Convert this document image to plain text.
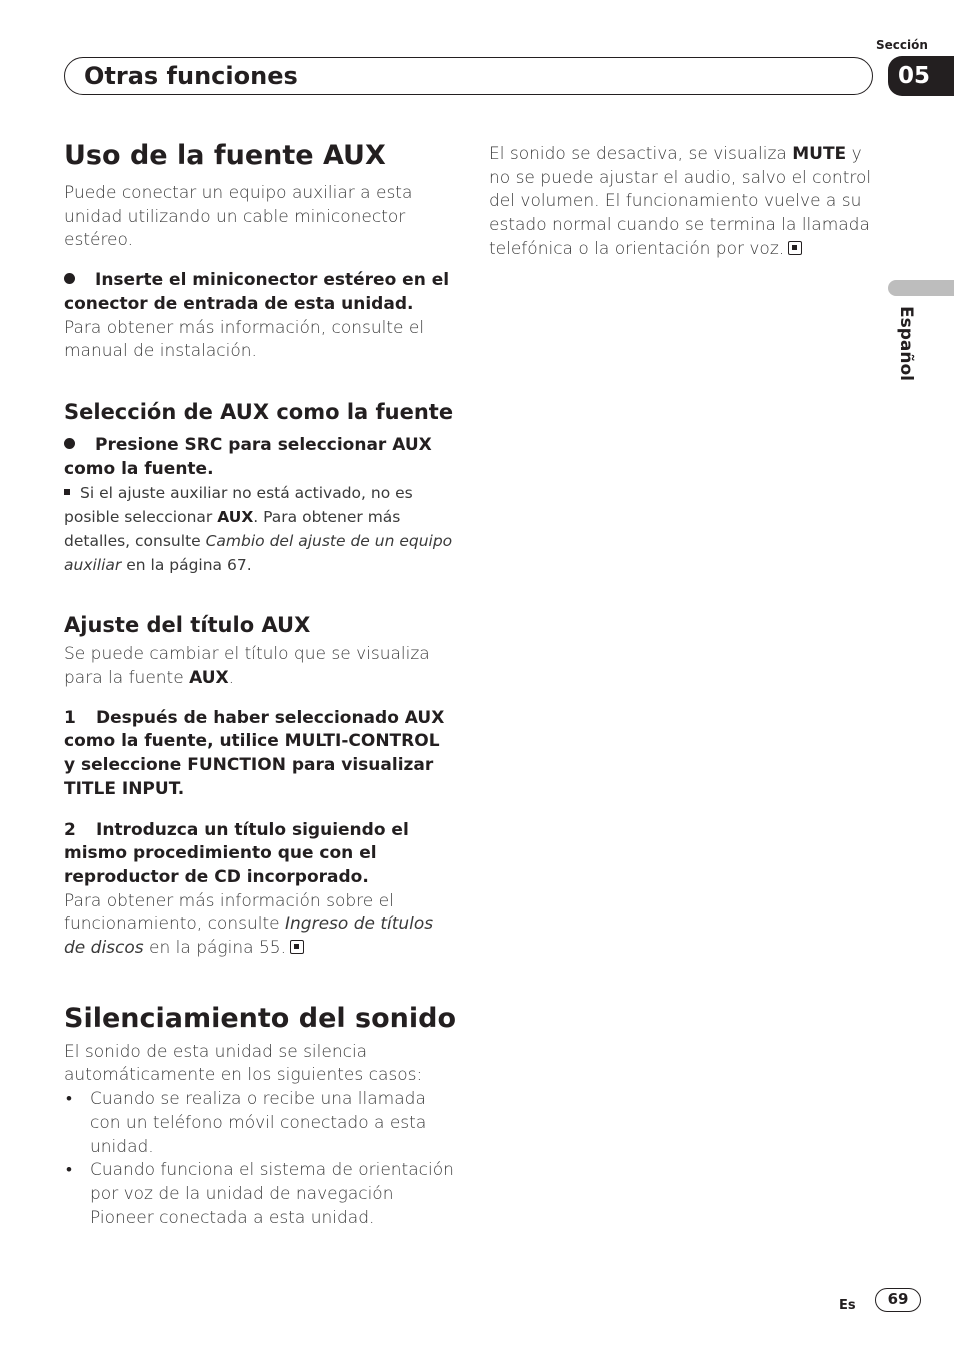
Sección
Otras funciones	05
Español
Uso de la fuente AUX

Puede conectar un equipo auxiliar a esta unidad utilizando un cable miniconector estéreo.

Inserte el miniconector estéreo en el conector de entrada de esta unidad.

Para obtener más información, consulte el manual de instalación.

Selección de AUX como la fuente

Presione SRC para seleccionar AUX como la fuente.

Si el ajuste auxiliar no está activado, no es posible seleccionar AUX. Para obtener más detalles, consulte Cambio del ajuste de un equipo auxiliar en la página 67.

Ajuste del título AUX

Se puede cambiar el título que se visualiza para la fuente AUX.

1 Después de haber seleccionado AUX como la fuente, utilice MULTI-CONTROL y seleccione FUNCTION para visualizar TITLE INPUT.

2 Introduzca un título siguiendo el mismo procedimiento que con el reproductor de CD incorporado.

Para obtener más información sobre el funcionamiento, consulte Ingreso de títulos de discos en la página 55.

Silenciamiento del sonido

El sonido de esta unidad se silencia automáticamente en los siguientes casos:

• Cuando se realiza o recibe una llamada con un teléfono móvil conectado a esta unidad.
• Cuando funciona el sistema de orientación por voz de la unidad de navegación Pioneer conectada a esta unidad.

El sonido se desactiva, se visualiza MUTE y no se puede ajustar el audio, salvo el control del volumen. El funcionamiento vuelve a su estado normal cuando se termina la llamada telefónica o la orientación por voz.

Es	69
